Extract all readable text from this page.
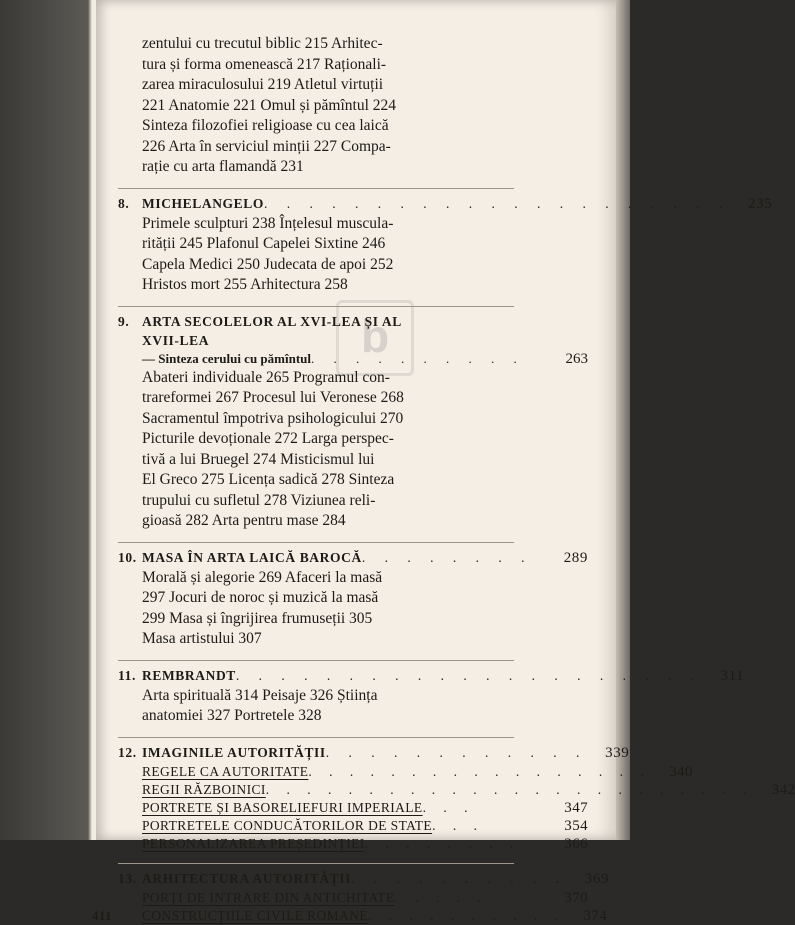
b
zentului cu trecutul biblic 215 Arhitec-
tura și forma omenească 217 Raționali-
zarea miraculosului 219 Atletul virtuții
221 Anatomie 221 Omul și pămîntul 224
Sinteza filozofiei religioase cu cea laică
226 Arta în serviciul minții 227 Compa-
rație cu arta flamandă 231
8. MICHELANGELO . . . . . . . . . . . . . . . . . . . . .	235
Primele sculpturi 238 Înțelesul muscula-
rității 245 Plafonul Capelei Sixtine 246
Capela Medici 250 Judecata de apoi 252
Hristos mort 255 Arhitectura 258
9. ARTA SECOLELOR AL XVI-LEA ȘI AL
XVII-LEA
— Sinteza cerului cu pămîntul . . . . . . . . . .	263
Abateri individuale 265 Programul con-
trareformei 267 Procesul lui Veronese 268
Sacramentul împotriva psihologicului 270
Picturile devoționale 272 Larga perspec-
tivă a lui Bruegel 274 Misticismul lui
El Greco 275 Licența sadică 278 Sinteza
trupului cu sufletul 278 Viziunea reli-
gioasă 282 Arta pentru mase 284
10. MASA ÎN ARTA LAICĂ BAROCĂ . . . . . . . .	289
Morală și alegorie 269 Afaceri la masă
297 Jocuri de noroc și muzică la masă
299 Masa și îngrijirea frumuseții 305
Masa artistului 307
11. REMBRANDT . . . . . . . . . . . . . . . . . . . . .	311
Arta spirituală 314 Peisaje 326 Știința
anatomiei 327 Portretele 328
12. IMAGINILE AUTORITĂȚII . . . . . . . . . . . .	339
REGELE CA AUTORITATE . . . . . . . . . . . . . . . . .	340
REGII RĂZBOINICI . . . . . . . . . . . . . . . . . . . . . . . .	342
PORTRETE ȘI BASORELIEFURI IMPERIALE . . .	347
PORTRETELE CONDUCĂTORILOR DE STATE . . .	354
PERSONALIZAREA PREȘEDINȚIEI . . . . . . . .	366
13. ARHITECTURA AUTORITĂȚII . . . . . . . . . .	369
PORȚI DE INTRARE DIN ANTICHITATE . . . . .	370
411 CONSTRUCȚIILE CIVILE ROMANE . . . . . . . . . .	374
